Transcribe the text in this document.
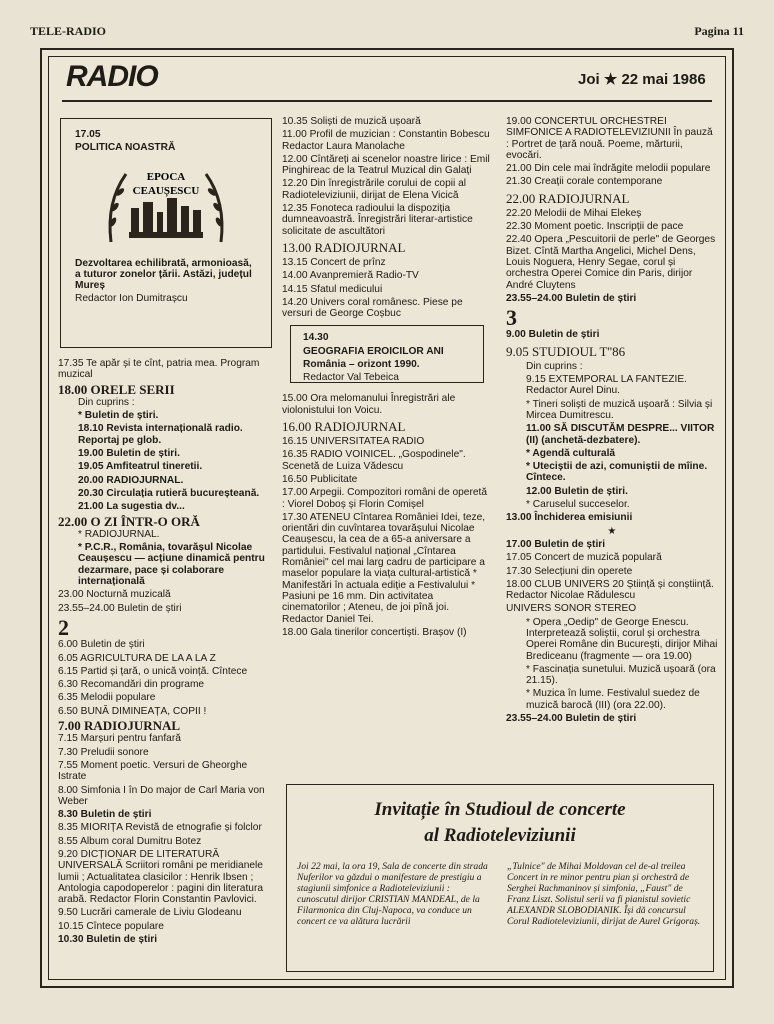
TELE-RADIO	Pagina 11
RADIO	Joi ★ 22 mai 1986
17.05
POLITICA NOASTRĂ
EPOCA
CEAUȘESCU
Dezvoltarea echilibrată, armonioasă, a tuturor zonelor țării. Astăzi, județul Mureș
Redactor Ion Dumitrașcu
17.35 Te apăr și te cînt, patria mea. Program muzical
18.00 ORELE SERII
Din cuprins :
* Buletin de știri.
18.10 Revista internațională radio. Reportaj pe glob.
19.00 Buletin de știri.
19.05 Amfiteatrul tineretii.
20.00 RADIOJURNAL.
20.30 Circulația rutieră bucureșteană.
21.00 La sugestia dv...
22.00 O ZI ÎNTR-O ORĂ
* RADIOJURNAL.
* P.C.R., România, tovarășul Nicolae Ceaușescu — acțiune dinamică pentru dezarmare, pace și colaborare internațională
23.00 Nocturnă muzicală
23.55–24.00 Buletin de știri
2
6.00 Buletin de știri
6.05 AGRICULTURA DE LA A LA Z
6.15 Partid și țară, o unică voință. Cîntece
6.30 Recomandări din programe
6.35 Melodii populare
6.50 BUNĂ DIMINEAȚA, COPII !
7.00 RADIOJURNAL
7.15 Marșuri pentru fanfară
7.30 Preludii sonore
7.55 Moment poetic. Versuri de Gheorghe Istrate
8.00 Simfonia I în Do major de Carl Maria von Weber
8.30 Buletin de știri
8.35 MIORIȚA Revistă de etnografie și folclor
8.55 Album coral Dumitru Botez
9.20 DICȚIONAR DE LITERATURĂ UNIVERSALĂ Scriitori români pe meridianele lumii ; Actualitatea clasicilor : Henrik Ibsen ; Antologia capodoperelor : pagini din literatura arabă. Redactor Florin Constantin Pavlovici.
9.50 Lucrări camerale de Liviu Glodeanu
10.15 Cîntece populare
10.30 Buletin de știri
10.35 Soliști de muzică ușoară
11.00 Profil de muzician : Constantin Bobescu Redactor Laura Manolache
12.00 Cîntăreți ai scenelor noastre lirice : Emil Pinghireac de la Teatrul Muzical din Galați
12.20 Din înregistrările corului de copii al Radioteleviziunii, dirijat de Elena Vicică
12.35 Fonoteca radioului la dispoziția dumneavoastră. Înregistrări literar-artistice solicitate de ascultători
13.00 RADIOJURNAL
13.15 Concert de prînz
14.00 Avanpremieră Radio-TV
14.15 Sfatul medicului
14.20 Univers coral românesc. Piese pe versuri de George Coșbuc
14.30
GEOGRAFIA EROICILOR ANI
România – orizont 1990.
Redactor Val Tebeica
15.00 Ora melomanului Înregistrări ale violonistului Ion Voicu.
16.00 RADIOJURNAL
16.15 UNIVERSITATEA RADIO
16.35 RADIO VOINICEL. „Gospodinele". Scenetă de Luiza Vădescu
16.50 Publicitate
17.00 Arpegii. Compozitori români de operetă : Viorel Doboș și Florin Comișel
17.30 ATENEU Cîntarea României Idei, teze, orientări din cuvîntarea tovarășului Nicolae Ceaușescu, la cea de a 65-a aniversare a partidului. Festivalul național „Cîntarea României" cel mai larg cadru de participare a maselor populare la viața cultural-artistică * Manifestări în actuala ediție a Festivalului * Pasiuni pe 16 mm. Din activitatea cinematorilor ; Ateneu, de joi pînă joi. Redactor Daniel Tei.
18.00 Gala tinerilor concertiști. Brașov (I)
19.00 CONCERTUL ORCHESTREI SIMFONICE A RADIOTELEVIZIUNII În pauză : Portret de țară nouă. Poeme, mărturii, evocări.
21.00 Din cele mai îndrăgite melodii populare
21.30 Creații corale contemporane
22.00 RADIOJURNAL
22.20 Melodii de Mihai Elekeș
22.30 Moment poetic. Inscripții de pace
22.40 Opera „Pescuitorii de perle" de Georges Bizet. Cîntă Martha Angelici, Michel Dens, Louis Noguera, Henry Segae, corul și orchestra Operei Comice din Paris, dirijor André Cluytens
23.55–24.00 Buletin de știri
3
9.00 Buletin de știri
9.05 STUDIOUL T''86
Din cuprins :
9.15 EXTEMPORAL LA FANTEZIE. Redactor Aurel Dinu.
* Tineri soliști de muzică ușoară : Silvia și Mircea Dumitrescu.
11.00 SĂ DISCUTĂM DESPRE... VIITOR (II) (anchetă-dezbatere).
* Agendă culturală
* Uteciștii de azi, comuniștii de mîine. Cîntece.
12.00 Buletin de știri.
* Caruselul succeselor.
13.00 Închiderea emisiunii
★
17.00 Buletin de știri
17.05 Concert de muzică populară
17.30 Selecțiuni din operete
18.00 CLUB UNIVERS 20 Știință și conștiință. Redactor Nicolae Rădulescu
UNIVERS SONOR STEREO
* Opera „Oedip" de George Enescu. Interpretează soliștii, corul și orchestra Operei Române din București, dirijor Mihai Brediceanu (fragmente — ora 19.00)
* Fascinația sunetului. Muzică ușoară (ora 21.15).
* Muzica în lume. Festivalul suedez de muzică barocă (III) (ora 22.00).
23.55–24.00 Buletin de știri
Invitație în Studioul de concerte
al Radioteleviziunii
Joi 22 mai, la ora 19, Sala de concerte din strada Nuferilor va găzdui o manifestare de prestigiu a stagiunii simfonice a Radioteleviziunii : cunoscutul dirijor CRISTIAN MANDEAL, de la Filarmonica din Cluj-Napoca, va conduce un concert ce va alătura lucrării
„Tulnice" de Mihai Moldovan cel de-al treilea Concert in re minor pentru pian și orchestră de Serghei Rachmaninov și simfonia, „Faust" de Franz Liszt. Solistul serii va fi pianistul sovietic ALEXANDR SLOBODIANIK. Își dă concursul Corul Radioteleviziunii, dirijat de Aurel Grigoraș.
